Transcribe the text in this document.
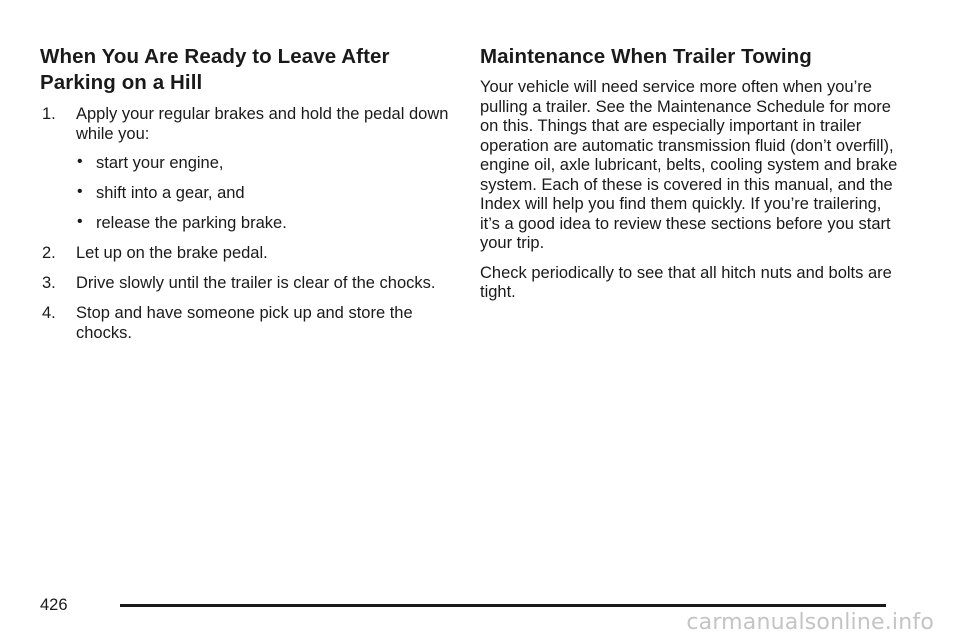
When You Are Ready to Leave After Parking on a Hill
1. Apply your regular brakes and hold the pedal down while you:
• start your engine,
• shift into a gear, and
• release the parking brake.
2. Let up on the brake pedal.
3. Drive slowly until the trailer is clear of the chocks.
4. Stop and have someone pick up and store the chocks.
Maintenance When Trailer Towing

Your vehicle will need service more often when you’re pulling a trailer. See the Maintenance Schedule for more on this. Things that are especially important in trailer operation are automatic transmission fluid (don’t overfill), engine oil, axle lubricant, belts, cooling system and brake system. Each of these is covered in this manual, and the Index will help you find them quickly. If you’re trailering, it’s a good idea to review these sections before you start your trip.

Check periodically to see that all hitch nuts and bolts are tight.

426
carmanualsonline.info
